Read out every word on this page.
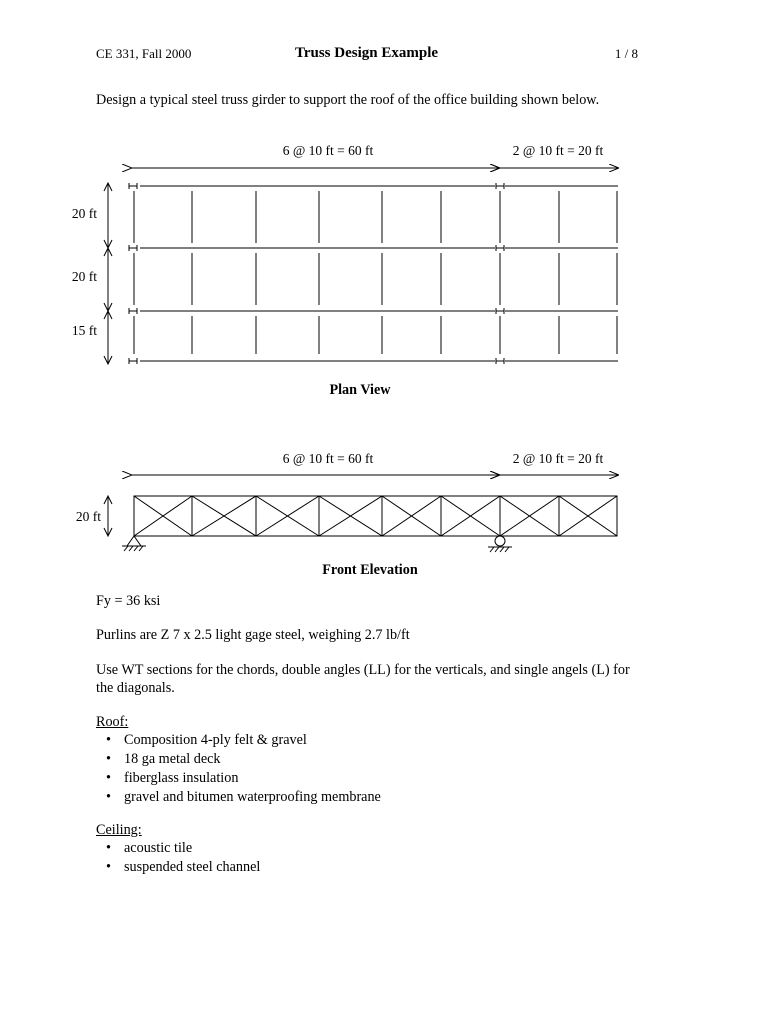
CE 331, Fall 2000	Truss Design Example	1 / 8
Design a typical steel truss girder to support the roof of the office building shown below.
6 @ 10 ft = 60 ft	2 @ 10 ft = 20 ft
20 ft
20 ft
15 ft
Plan View
6 @ 10 ft = 60 ft	2 @ 10 ft = 20 ft
20 ft
Front Elevation
Fy = 36 ksi
Purlins are Z 7 x 2.5 light gage steel, weighing 2.7 lb/ft
Use WT sections for the chords, double angles (LL) for the verticals, and single angels (L) for
the diagonals.
Roof:
• Composition 4-ply felt & gravel
• 18 ga metal deck
• fiberglass insulation
• gravel and bitumen waterproofing membrane
Ceiling:
• acoustic tile
• suspended steel channel
